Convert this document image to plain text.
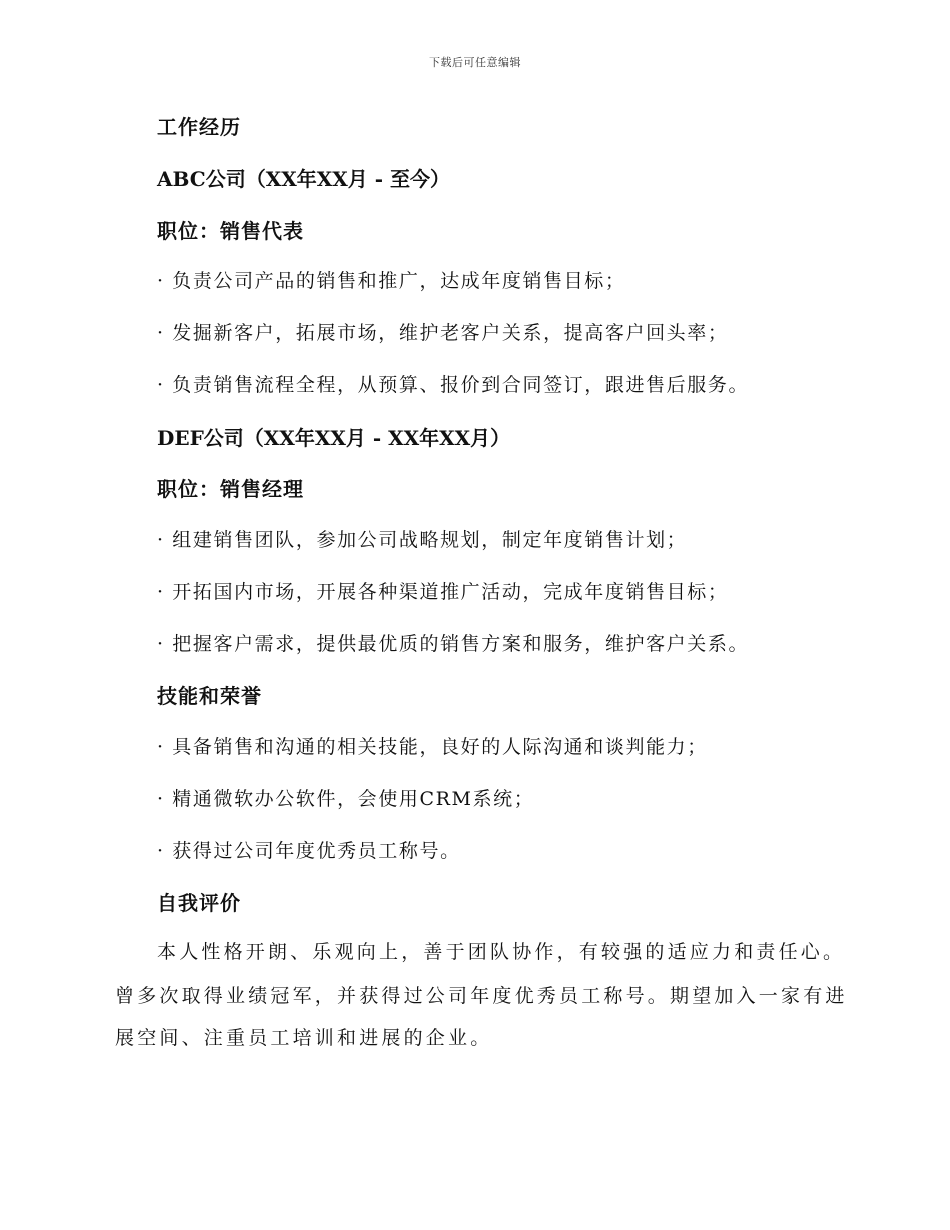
下载后可任意编辑
工作经历
ABC公司（XX年XX月 - 至今）
职位：销售代表
· 负责公司产品的销售和推广，达成年度销售目标；
· 发掘新客户，拓展市场，维护老客户关系，提高客户回头率；
· 负责销售流程全程，从预算、报价到合同签订，跟进售后服务。
DEF公司（XX年XX月 - XX年XX月）
职位：销售经理
· 组建销售团队，参加公司战略规划，制定年度销售计划；
· 开拓国内市场，开展各种渠道推广活动，完成年度销售目标；
· 把握客户需求，提供最优质的销售方案和服务，维护客户关系。
技能和荣誉
· 具备销售和沟通的相关技能，良好的人际沟通和谈判能力；
· 精通微软办公软件，会使用CRM系统；
· 获得过公司年度优秀员工称号。
自我评价
本人性格开朗、乐观向上，善于团队协作，有较强的适应力和责任心。
曾多次取得业绩冠军，并获得过公司年度优秀员工称号。期望加入一家有进
展空间、注重员工培训和进展的企业。
